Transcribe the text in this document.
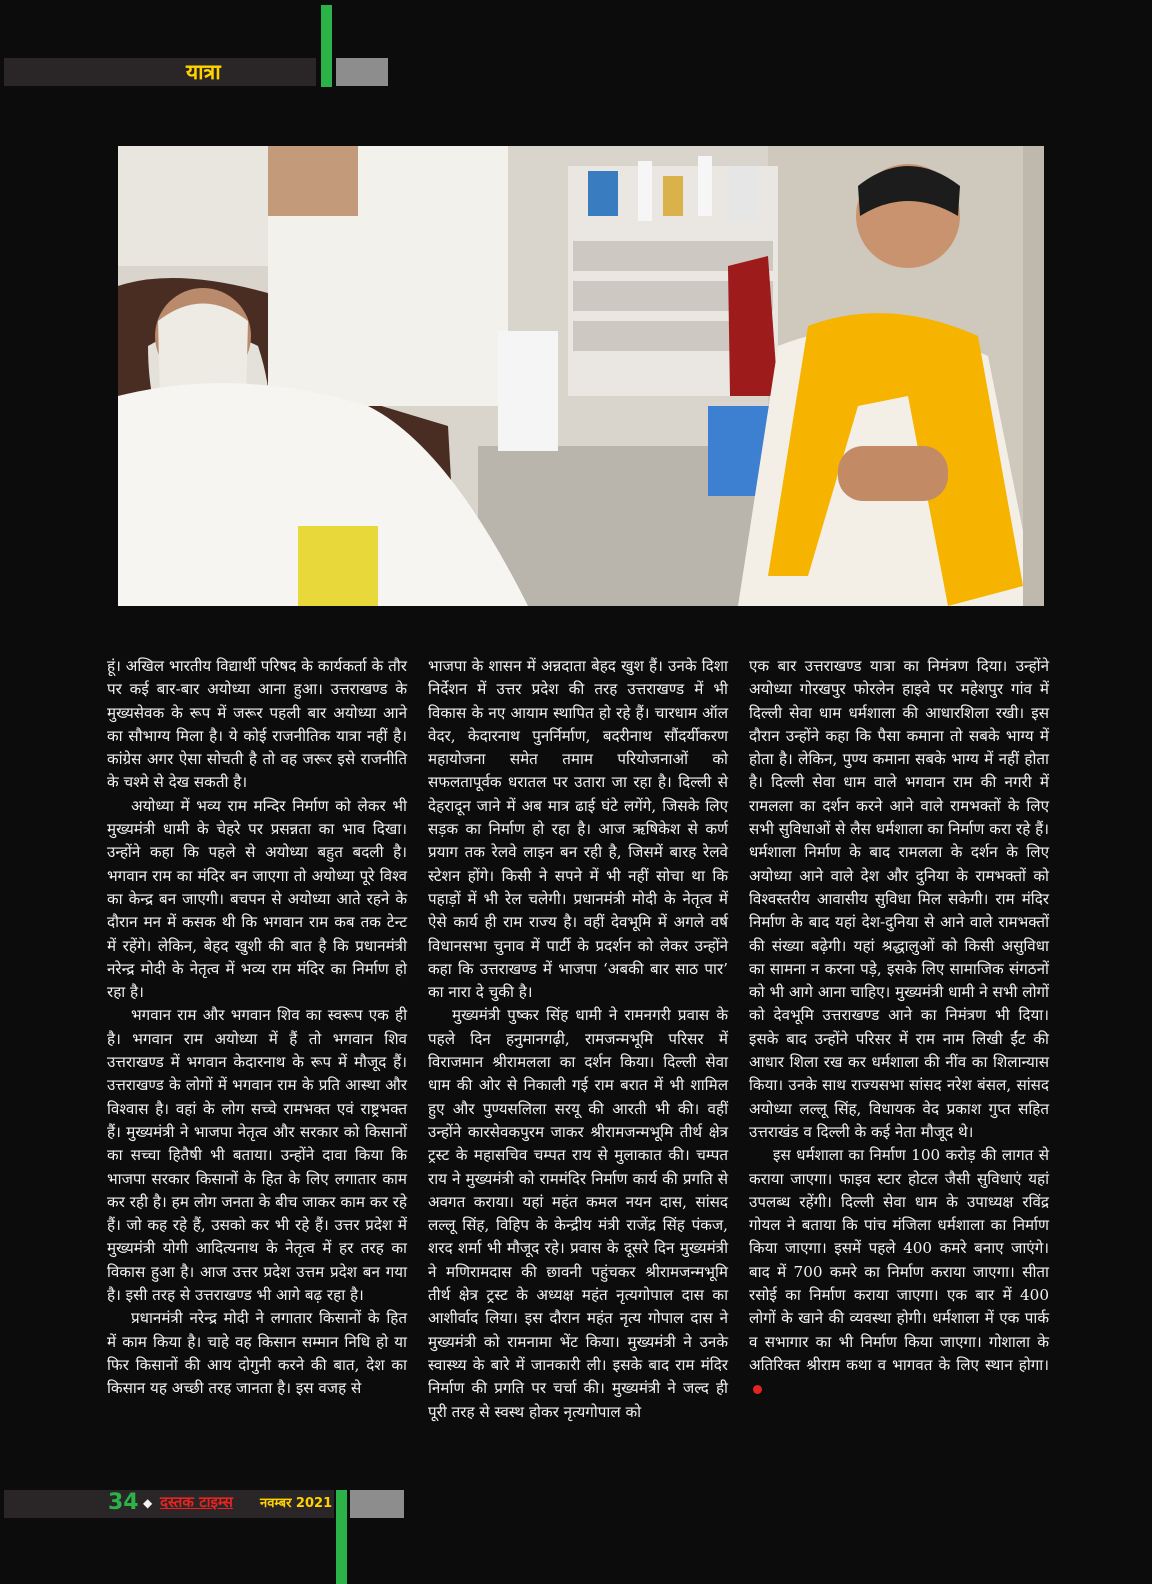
यात्रा

हूं। अखिल भारतीय विद्यार्थी परिषद के कार्यकर्ता के तौर पर कई बार-बार अयोध्या आना हुआ। उत्तराखण्ड के मुख्यसेवक के रूप में जरूर पहली बार अयोध्या आने का सौभाग्य मिला है। ये कोई राजनीतिक यात्रा नहीं है। कांग्रेस अगर ऐसा सोचती है तो वह जरूर इसे राजनीति के चश्मे से देख सकती है।

अयोध्या में भव्य राम मन्दिर निर्माण को लेकर भी मुख्यमंत्री धामी के चेहरे पर प्रसन्नता का भाव दिखा। उन्होंने कहा कि पहले से अयोध्या बहुत बदली है। भगवान राम का मंदिर बन जाएगा तो अयोध्या पूरे विश्व का केन्द्र बन जाएगी। बचपन से अयोध्या आते रहने के दौरान मन में कसक थी कि भगवान राम कब तक टेन्ट में रहेंगे। लेकिन, बेहद खुशी की बात है कि प्रधानमंत्री नरेन्द्र मोदी के नेतृत्व में भव्य राम मंदिर का निर्माण हो रहा है।

भगवान राम और भगवान शिव का स्वरूप एक ही है। भगवान राम अयोध्या में हैं तो भगवान शिव उत्तराखण्ड में भगवान केदारनाथ के रूप में मौजूद हैं। उत्तराखण्ड के लोगों में भगवान राम के प्रति आस्था और विश्वास है। वहां के लोग सच्चे रामभक्त एवं राष्ट्रभक्त हैं। मुख्यमंत्री ने भाजपा नेतृत्व और सरकार को किसानों का सच्चा हितैषी भी बताया। उन्होंने दावा किया कि भाजपा सरकार किसानों के हित के लिए लगातार काम कर रही है। हम लोग जनता के बीच जाकर काम कर रहे हैं। जो कह रहे हैं, उसको कर भी रहे हैं। उत्तर प्रदेश में मुख्यमंत्री योगी आदित्यनाथ के नेतृत्व में हर तरह का विकास हुआ है। आज उत्तर प्रदेश उत्तम प्रदेश बन गया है। इसी तरह से उत्तराखण्ड भी आगे बढ़ रहा है।

प्रधानमंत्री नरेन्द्र मोदी ने लगातार किसानों के हित में काम किया है। चाहे वह किसान सम्मान निधि हो या फिर किसानों की आय दोगुनी करने की बात, देश का किसान यह अच्छी तरह जानता है। इस वजह से

भाजपा के शासन में अन्नदाता बेहद खुश हैं। उनके दिशा निर्देशन में उत्तर प्रदेश की तरह उत्तराखण्ड में भी विकास के नए आयाम स्थापित हो रहे हैं। चारधाम ऑल वेदर, केदारनाथ पुनर्निर्माण, बदरीनाथ सौंदर्यीकरण महायोजना समेत तमाम परियोजनाओं को सफलतापूर्वक धरातल पर उतारा जा रहा है। दिल्ली से देहरादून जाने में अब मात्र ढाई घंटे लगेंगे, जिसके लिए सड़क का निर्माण हो रहा है। आज ऋषिकेश से कर्ण प्रयाग तक रेलवे लाइन बन रही है, जिसमें बारह रेलवे स्टेशन होंगे। किसी ने सपने में भी नहीं सोचा था कि पहाड़ों में भी रेल चलेगी। प्रधानमंत्री मोदी के नेतृत्व में ऐसे कार्य ही राम राज्य है। वहीं देवभूमि में अगले वर्ष विधानसभा चुनाव में पार्टी के प्रदर्शन को लेकर उन्होंने कहा कि उत्तराखण्ड में भाजपा ‘अबकी बार साठ पार’ का नारा दे चुकी है।

मुख्यमंत्री पुष्कर सिंह धामी ने रामनगरी प्रवास के पहले दिन हनुमानगढ़ी, रामजन्मभूमि परिसर में विराजमान श्रीरामलला का दर्शन किया। दिल्ली सेवा धाम की ओर से निकाली गई राम बरात में भी शामिल हुए और पुण्यसलिला सरयू की आरती भी की। वहीं उन्होंने कारसेवकपुरम जाकर श्रीरामजन्मभूमि तीर्थ क्षेत्र ट्रस्ट के महासचिव चम्पत राय से मुलाकात की। चम्पत राय ने मुख्यमंत्री को राममंदिर निर्माण कार्य की प्रगति से अवगत कराया। यहां महंत कमल नयन दास, सांसद लल्लू सिंह, विहिप के केन्द्रीय मंत्री राजेंद्र सिंह पंकज, शरद शर्मा भी मौजूद रहे। प्रवास के दूसरे दिन मुख्यमंत्री ने मणिरामदास की छावनी पहुंचकर श्रीरामजन्मभूमि तीर्थ क्षेत्र ट्रस्ट के अध्यक्ष महंत नृत्यगोपाल दास का आशीर्वाद लिया। इस दौरान महंत नृत्य गोपाल दास ने मुख्यमंत्री को रामनामा भेंट किया। मुख्यमंत्री ने उनके स्वास्थ्य के बारे में जानकारी ली। इसके बाद राम मंदिर निर्माण की प्रगति पर चर्चा की। मुख्यमंत्री ने जल्द ही पूरी तरह से स्वस्थ होकर नृत्यगोपाल को

एक बार उत्तराखण्ड यात्रा का निमंत्रण दिया। उन्होंने अयोध्या गोरखपुर फोरलेन हाइवे पर महेशपुर गांव में दिल्ली सेवा धाम धर्मशाला की आधारशिला रखी। इस दौरान उन्होंने कहा कि पैसा कमाना तो सबके भाग्य में होता है। लेकिन, पुण्य कमाना सबके भाग्य में नहीं होता है। दिल्ली सेवा धाम वाले भगवान राम की नगरी में रामलला का दर्शन करने आने वाले रामभक्तों के लिए सभी सुविधाओं से लैस धर्मशाला का निर्माण करा रहे हैं। धर्मशाला निर्माण के बाद रामलला के दर्शन के लिए अयोध्या आने वाले देश और दुनिया के रामभक्तों को विश्वस्तरीय आवासीय सुविधा मिल सकेगी। राम मंदिर निर्माण के बाद यहां देश-दुनिया से आने वाले रामभक्तों की संख्या बढ़ेगी। यहां श्रद्धालुओं को किसी असुविधा का सामना न करना पड़े, इसके लिए सामाजिक संगठनों को भी आगे आना चाहिए। मुख्यमंत्री धामी ने सभी लोगों को देवभूमि उत्तराखण्ड आने का निमंत्रण भी दिया। इसके बाद उन्होंने परिसर में राम नाम लिखी ईंट की आधार शिला रख कर धर्मशाला की नींव का शिलान्यास किया। उनके साथ राज्यसभा सांसद नरेश बंसल, सांसद अयोध्या लल्लू सिंह, विधायक वेद प्रकाश गुप्त सहित उत्तराखंड व दिल्ली के कई नेता मौजूद थे।

इस धर्मशाला का निर्माण 100 करोड़ की लागत से कराया जाएगा। फाइव स्टार होटल जैसी सुविधाएं यहां उपलब्ध रहेंगी। दिल्ली सेवा धाम के उपाध्यक्ष रविंद्र गोयल ने बताया कि पांच मंजिला धर्मशाला का निर्माण किया जाएगा। इसमें पहले 400 कमरे बनाए जाएंगे। बाद में 700 कमरे का निर्माण कराया जाएगा। सीता रसोई का निर्माण कराया जाएगा। एक बार में 400 लोगों के खाने की व्यवस्था होगी। धर्मशाला में एक पार्क व सभागार का भी निर्माण किया जाएगा। गोशाला के अतिरिक्त श्रीराम कथा व भागवत के लिए स्थान होगा।

34 ◆ दस्तक टाइम्स नवम्बर 2021
